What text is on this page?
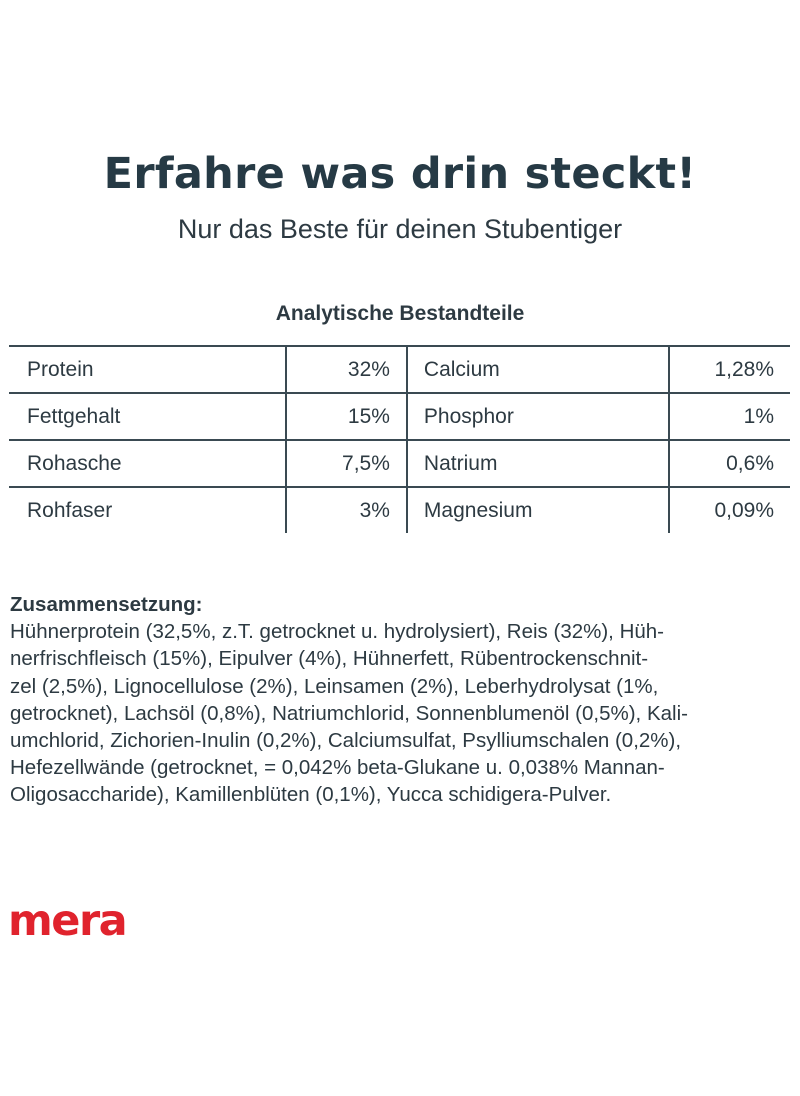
Erfahre was drin steckt!
Nur das Beste für deinen Stubentiger
Analytische Bestandteile
Protein	32%	Calcium	1,28%
Fettgehalt	15%	Phosphor	1%
Rohasche	7,5%	Natrium	0,6%
Rohfaser	3%	Magnesium	0,09%
Zusammensetzung:
Hühnerprotein (32,5%, z.T. getrocknet u. hydrolysiert), Reis (32%), Hüh-
nerfrischfleisch (15%), Eipulver (4%), Hühnerfett, Rübentrockenschnit-
zel (2,5%), Lignocellulose (2%), Leinsamen (2%), Leberhydrolysat (1%,
getrocknet), Lachsöl (0,8%), Natriumchlorid, Sonnenblumenöl (0,5%), Kali-
umchlorid, Zichorien-Inulin (0,2%), Calciumsulfat, Psylliumschalen (0,2%),
Hefezellwände (getrocknet, = 0,042% beta-Glukane u. 0,038% Mannan-
Oligosaccharide), Kamillenblüten (0,1%), Yucca schidigera-Pulver.
mera
